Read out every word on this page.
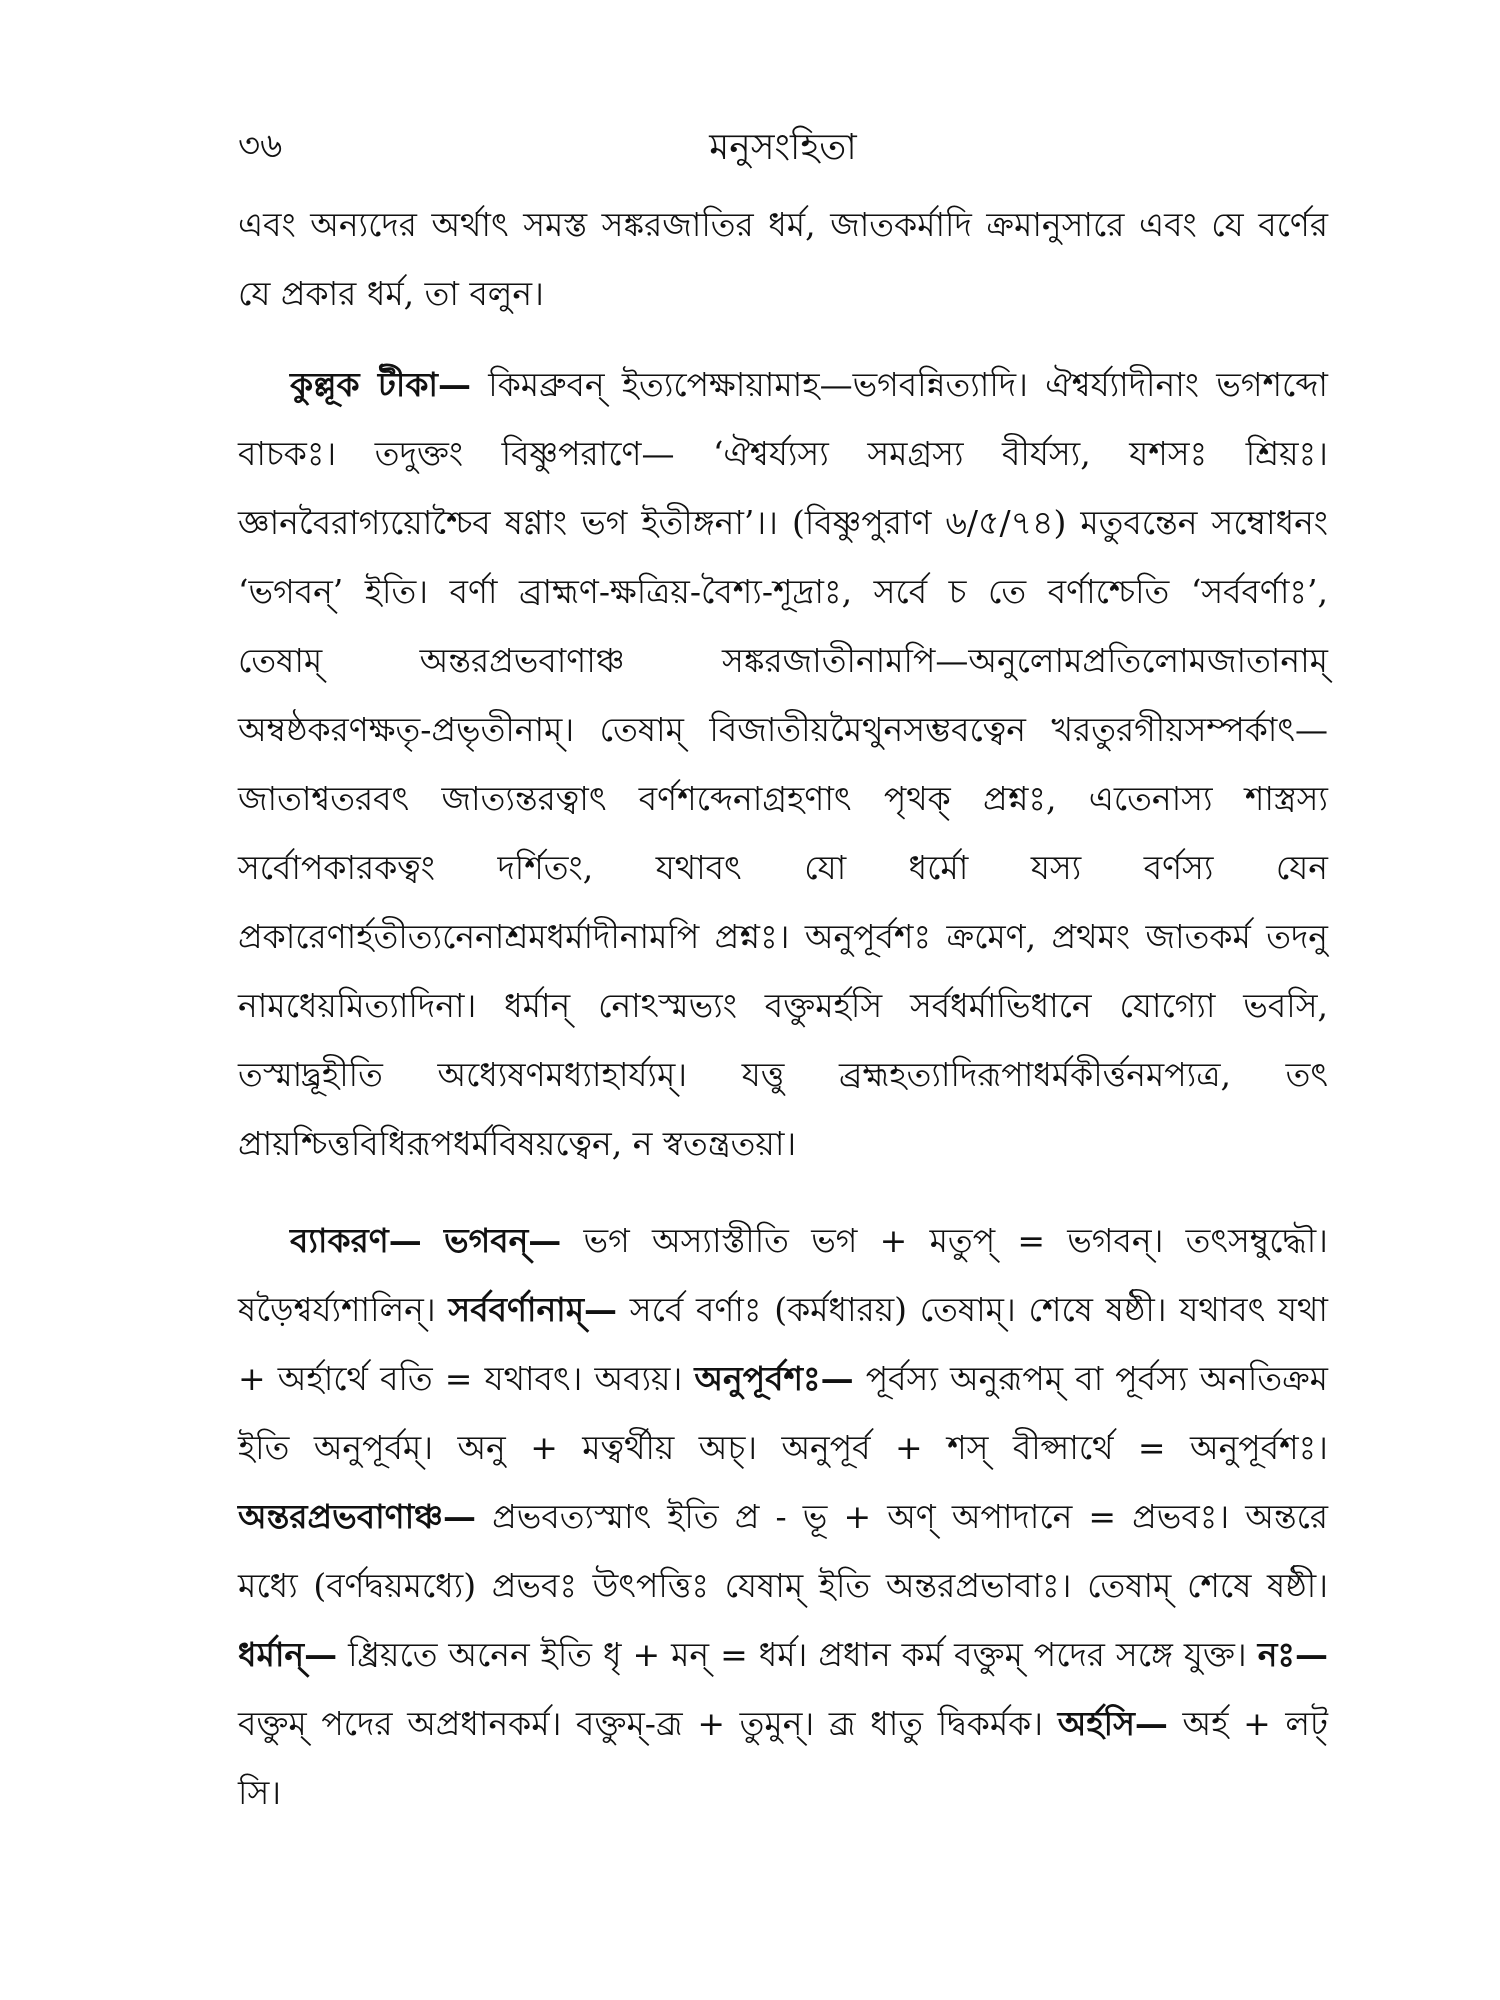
৩৬	মনুসংহিতা

এবং অন্যদের অর্থাৎ সমস্ত সঙ্করজাতির ধর্ম, জাতকর্মাদি ক্রমানুসারে এবং যে বর্ণের যে প্রকার ধর্ম, তা বলুন।

কুল্লূক টীকা— কিমব্রুবন্ ইত্যপেক্ষায়ামাহ—ভগবন্নিত্যাদি। ঐশ্বর্য্যাদীনাং ভগশব্দো বাচকঃ। তদুক্তং বিষ্ণুপরাণে— ‘ঐশ্বর্য্যস্য সমগ্রস্য বীর্যস্য, যশসঃ শ্রিয়ঃ। জ্ঞানবৈরাগ্যয়োশ্চৈব ষণ্ণাং ভগ ইতীঙ্গনা’।। (বিষ্ণুপুরাণ ৬/৫/৭৪) মতুবন্তেন সম্বোধনং ‘ভগবন্’ ইতি। বর্ণা ব্রাহ্মণ-ক্ষত্রিয়-বৈশ্য-শূদ্রাঃ, সর্বে চ তে বর্ণাশ্চেতি ‘সর্ববর্ণাঃ’, তেষাম্ অন্তরপ্রভবাণাঞ্চ সঙ্করজাতীনামপি—অনুলোমপ্রতিলোমজাতানাম্ অম্বষ্ঠকরণক্ষতৃ-প্রভৃতীনাম্। তেষাম্ বিজাতীয়মৈথুনসম্ভবত্বেন খরতুরগীয়সম্পর্কাৎ—জাতাশ্বতরবৎ জাত্যন্তরত্বাৎ বর্ণশব্দেনাগ্রহণাৎ পৃথক্ প্রশ্নঃ, এতেনাস্য শাস্ত্রস্য সর্বোপকারকত্বং দর্শিতং, যথাবৎ যো ধর্মো যস্য বর্ণস্য যেন প্রকারেণার্হতীত্যনেনাশ্রমধর্মাদীনামপি প্রশ্নঃ। অনুপূর্বশঃ ক্রমেণ, প্রথমং জাতকর্ম তদনু নামধেয়মিত্যাদিনা। ধর্মান্ নোঽস্মভ্যং বক্তুমর্হসি সর্বধর্মাভিধানে যোগ্যো ভবসি, তস্মাদ্ব্রূহীতি অধ্যেষণমধ্যাহার্য্যম্। যত্তু ব্রহ্মহত্যাদিরূপাধর্মকীর্ত্তনমপ্যত্র, তৎ প্রায়শ্চিত্তবিধিরূপধর্মবিষয়ত্বেন, ন স্বতন্ত্রতয়া।

ব্যাকরণ— ভগবন্— ভগ অস্যাস্তীতি ভগ + মতুপ্ = ভগবন্। তৎসম্বুদ্ধৌ। ষড়ৈশ্বর্য্যশালিন্। সর্ববর্ণানাম্— সর্বে বর্ণাঃ (কর্মধারয়) তেষাম্। শেষে ষষ্ঠী। যথাবৎ যথা + অর্হার্থে বতি = যথাবৎ। অব্যয়। অনুপূর্বশঃ— পূর্বস্য অনুরূপম্ বা পূর্বস্য অনতিক্রম ইতি অনুপূর্বম্। অনু + মত্বর্থীয় অচ্। অনুপূর্ব + শস্ বীপ্সার্থে = অনুপূর্বশঃ। অন্তরপ্রভবাণাঞ্চ— প্রভবত্যস্মাৎ ইতি প্র - ভূ + অণ্ অপাদানে = প্রভবঃ। অন্তরে মধ্যে (বর্ণদ্বয়মধ্যে) প্রভবঃ উৎপত্তিঃ যেষাম্ ইতি অন্তরপ্রভাবাঃ। তেষাম্ শেষে ষষ্ঠী। ধর্মান্— ধ্রিয়তে অনেন ইতি ধৃ + মন্ = ধর্ম। প্রধান কর্ম বক্তুম্ পদের সঙ্গে যুক্ত। নঃ— বক্তুম্ পদের অপ্রধানকর্ম। বক্তুম্-ব্রূ + তুমুন্। ব্রূ ধাতু দ্বিকর্মক। অর্হসি— অর্হ + লট্ সি।
